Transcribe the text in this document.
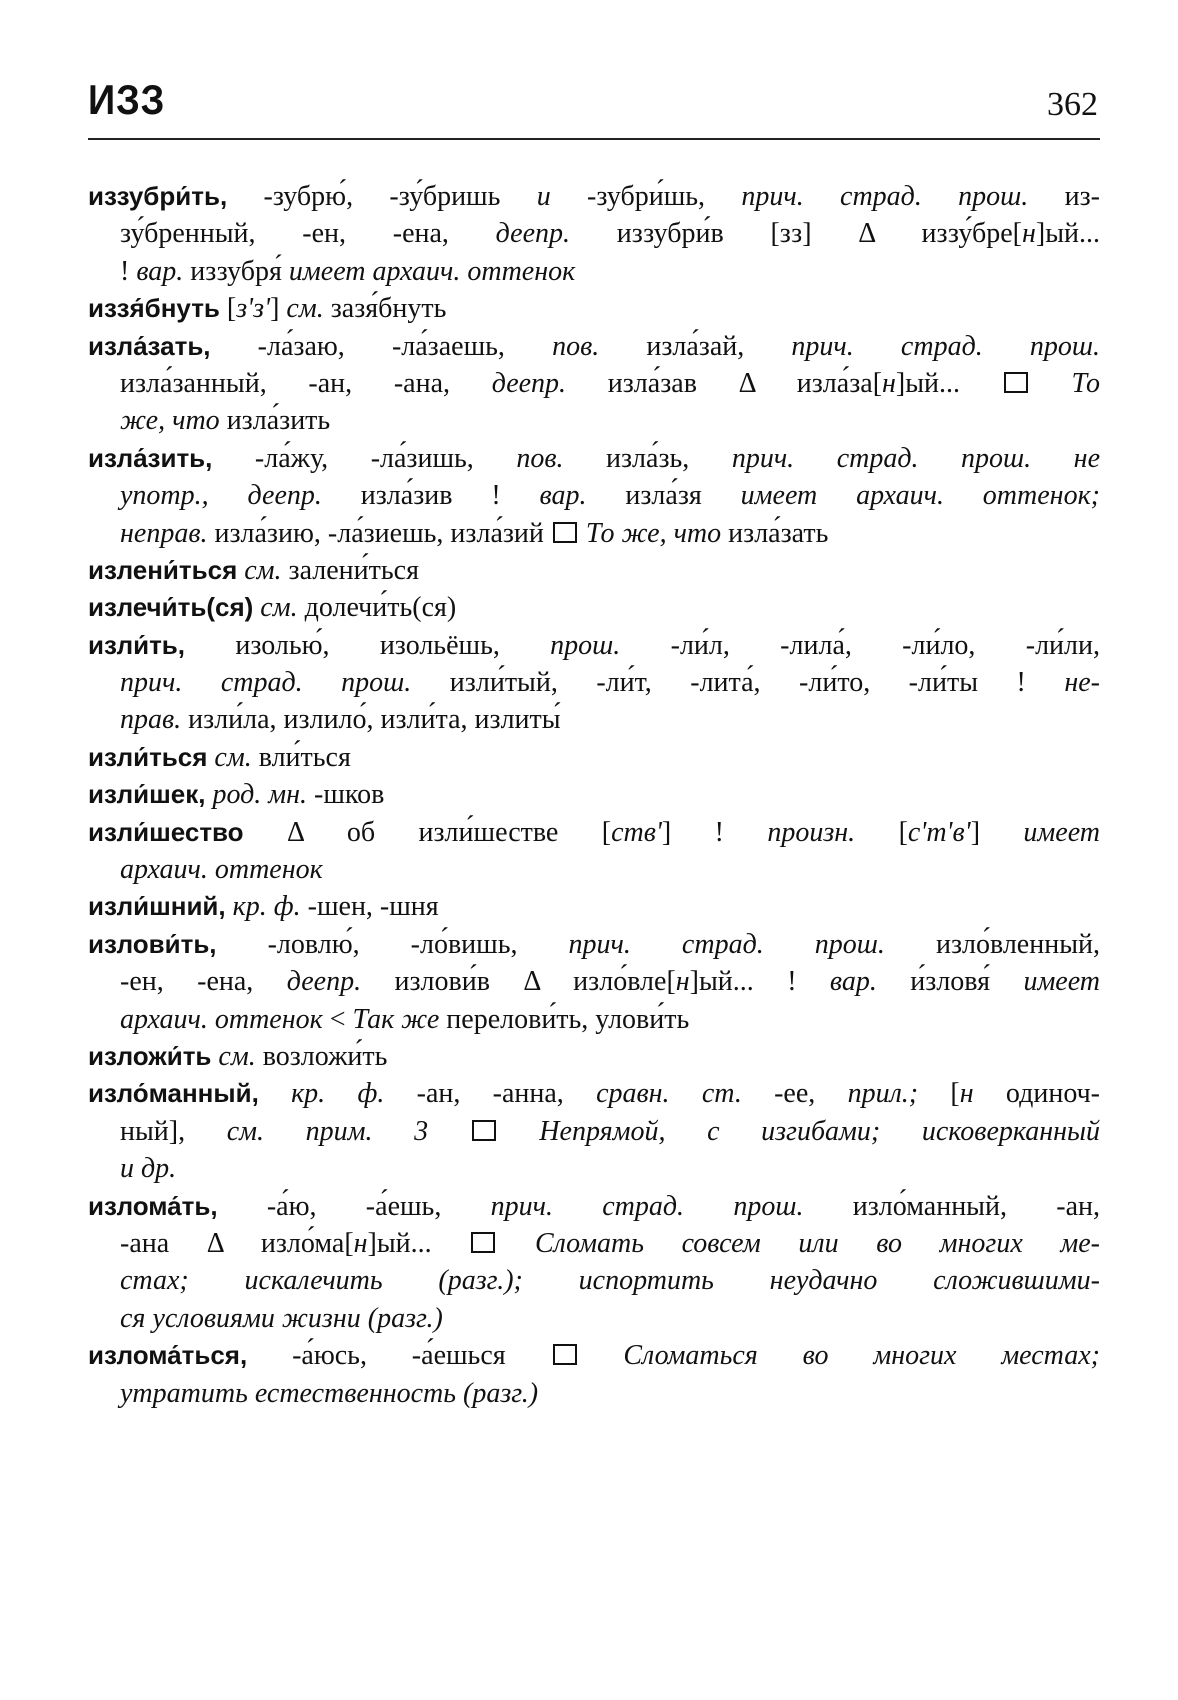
ИЗЗ	362
иззубри́ть, -зубрю́, -зу́бришь и -зубри́шь, прич. страд. прош. из-
зу́бренный, -ен, -ена, деепр. иззубри́в [зз] Δ иззу́бре[н]ый...
! вар. иззубря́ имеет архаич. оттенок
иззя́бнуть [з'з'] см. зазя́бнуть
изла́зать, -ла́заю, -ла́заешь, пов. изла́зай, прич. страд. прош.
изла́занный, -ан, -ана, деепр. изла́зав Δ изла́за[н]ый...  То
же, что изла́зить
изла́зить, -ла́жу, -ла́зишь, пов. изла́зь, прич. страд. прош. не
употр., деепр. изла́зив ! вар. изла́зя имеет архаич. оттенок;
неправ. изла́зию, -ла́зиешь, изла́зий  То же, что изла́зать
излени́ться см. залени́ться
излечи́ть(ся) см. долечи́ть(ся)
изли́ть, изолью́, изольёшь, прош. -ли́л, -лила́, -ли́ло, -ли́ли,
прич. страд. прош. изли́тый, -ли́т, -лита́, -ли́то, -ли́ты ! не-
прав. изли́ла, излило́, изли́та, излиты́
изли́ться см. вли́ться
изли́шек, род. мн. -шков
изли́шество Δ об изли́шестве [ств'] ! произн. [с'т'в'] имеет
архаич. оттенок
изли́шний, кр. ф. -шен, -шня
излови́ть, -ловлю́, -ло́вишь, прич. страд. прош. изло́вленный,
-ен, -ена, деепр. излови́в Δ изло́вле[н]ый... ! вар. и́зловя́ имеет
архаич. оттенок < Так же перелови́ть, улови́ть
изложи́ть см. возложи́ть
изло́манный, кр. ф. -ан, -анна, сравн. ст. -ее, прил.; [н одиноч-
ный], см. прим. 3  Непрямой, с изгибами; исковерканный
и др.
излома́ть, -а́ю, -а́ешь, прич. страд. прош. изло́манный, -ан,
-ана Δ изло́ма[н]ый...  Сломать совсем или во многих ме-
стах; искалечить (разг.); испортить неудачно сложившими-
ся условиями жизни (разг.)
излома́ться, -а́юсь, -а́ешься  Сломаться во многих местах;
утратить естественность (разг.)
